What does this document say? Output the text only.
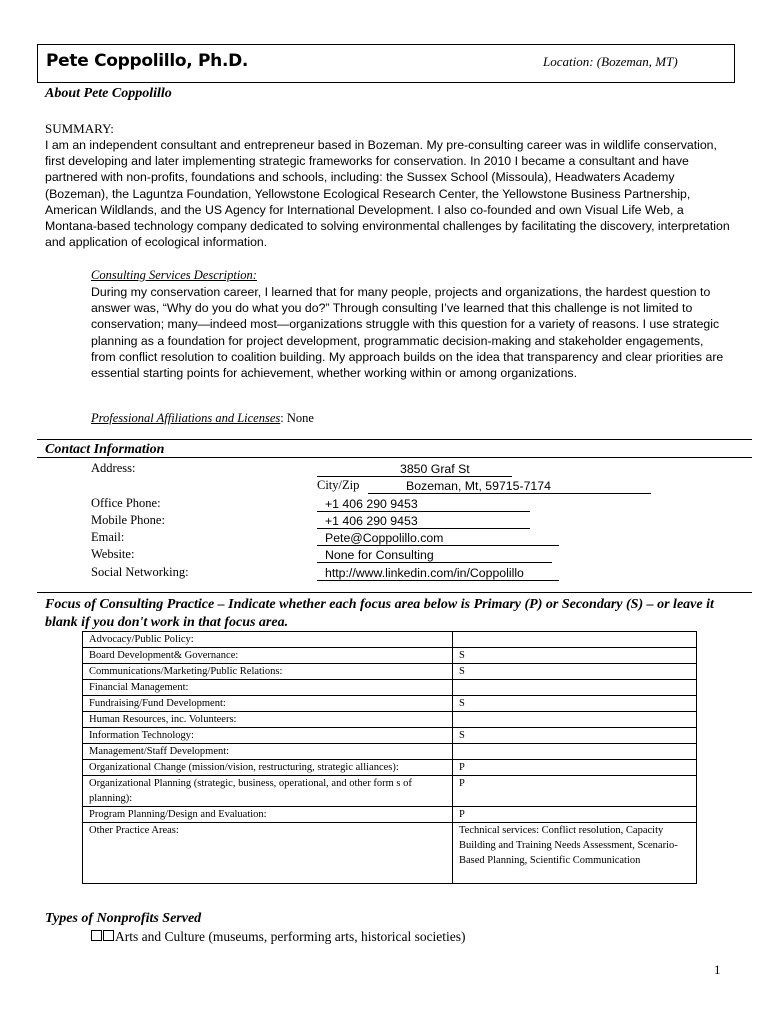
Pete Coppolillo, Ph.D.	Location: (Bozeman, MT)
About Pete Coppolillo
SUMMARY:
I am an independent consultant and entrepreneur based in Bozeman. My pre-consulting career was in wildlife conservation, first developing and later implementing strategic frameworks for conservation. In 2010 I became a consultant and have partnered with non-profits, foundations and schools, including: the Sussex School (Missoula), Headwaters Academy (Bozeman), the Laguntza Foundation, Yellowstone Ecological Research Center, the Yellowstone Business Partnership, American Wildlands, and the US Agency for International Development. I also co-founded and own Visual Life Web, a Montana-based technology company dedicated to solving environmental challenges by facilitating the discovery, interpretation and application of ecological information.
Consulting Services Description:
During my conservation career, I learned that for many people, projects and organizations, the hardest question to answer was, “Why do you do what you do?” Through consulting I’ve learned that this challenge is not limited to conservation; many—indeed most—organizations struggle with this question for a variety of reasons. I use strategic planning as a foundation for project development, programmatic decision-making and stakeholder engagements, from conflict resolution to coalition building. My approach builds on the idea that transparency and clear priorities are essential starting points for achievement, whether working within or among organizations.
Professional Affiliations and Licenses: None
Contact Information
Address:	3850 Graf St
City/Zip	Bozeman, Mt, 59715-7174
Office Phone:	+1 406 290 9453
Mobile Phone:	+1 406 290 9453
Email:	Pete@Coppolillo.com
Website:	None for Consulting
Social Networking:	http://www.linkedin.com/in/Coppolillo
Focus of Consulting Practice – Indicate whether each focus area below is Primary (P) or Secondary (S) – or leave it blank if you don't work in that focus area.
Advocacy/Public Policy:	
Board Development& Governance:	S
Communications/Marketing/Public Relations:	S
Financial Management:	
Fundraising/Fund Development:	S
Human Resources, inc. Volunteers:	
Information Technology:	S
Management/Staff Development:	
Organizational Change (mission/vision, restructuring, strategic alliances):	P
Organizational Planning (strategic, business, operational, and other form s of planning):	P
Program Planning/Design and Evaluation:	P
Other Practice Areas:	Technical services: Conflict resolution, Capacity Building and Training Needs Assessment, Scenario-Based Planning, Scientific Communication
Types of Nonprofits Served
Arts and Culture (museums, performing arts, historical societies)
1
